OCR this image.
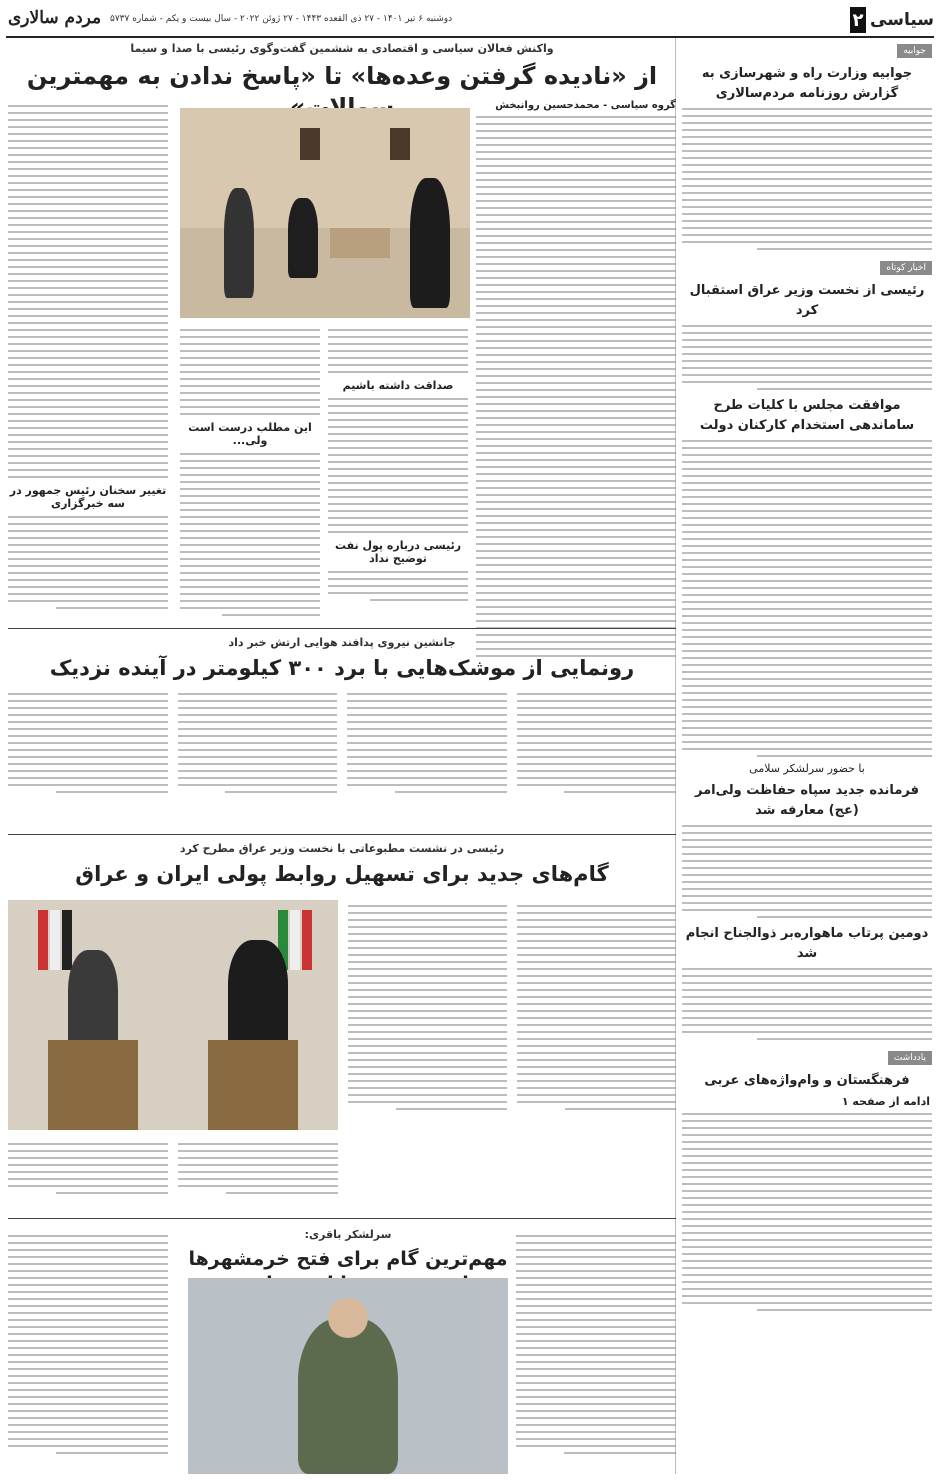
سیاسی
۲
دوشنبه ۶ تیر ۱۴۰۱ - ۲۷ ذی القعده ۱۴۴۳ - ۲۷ ژوئن ۲۰۲۲ - سال بیست و یکم - شماره ۵۷۳۷
مردم سالاری
جوابیه
جوابیه وزارت راه و شهرسازی به گزارش روزنامه مردم‌سالاری
اخبار کوتاه
رئیسی از نخست وزیر عراق استقبال کرد
موافقت مجلس با کلیات طرح ساماندهی استخدام کارکنان دولت
با حضور سرلشکر سلامی
فرمانده جدید سپاه حفاظت ولی‌امر (عج) معارفه شد
دومین پرتاب ماهواره‌بر ذوالجناح انجام شد
یادداشت
فرهنگستان و وام‌واژه‌های عربی
ادامه از صفحه ۱
واکنش فعالان سیاسی و اقتصادی به ششمین گفت‌وگوی رئیسی با صدا و سیما
از «نادیده گرفتن وعده‌ها» تا «پاسخ ندادن به مهمترین
گروه سیاسی - محمدحسین روانبخش
این مطلب درست است ولی...
صداقت داشته باشیم
رئیسی درباره پول نفت توضیح نداد
تغییر سخنان رئیس جمهور در سه خبرگزاری
جانشین نیروی پدافند هوایی ارتش خبر داد
رونمایی از موشک‌هایی با برد ۳۰۰ کیلومتر در آینده نزدیک
رئیسی در نشست مطبوعاتی با نخست وزیر عراق مطرح کرد
گام‌های جدید برای تسهیل روابط پولی ایران و عراق
سرلشکر باقری:
مهم‌ترین گام برای فتح خرمشهرها
